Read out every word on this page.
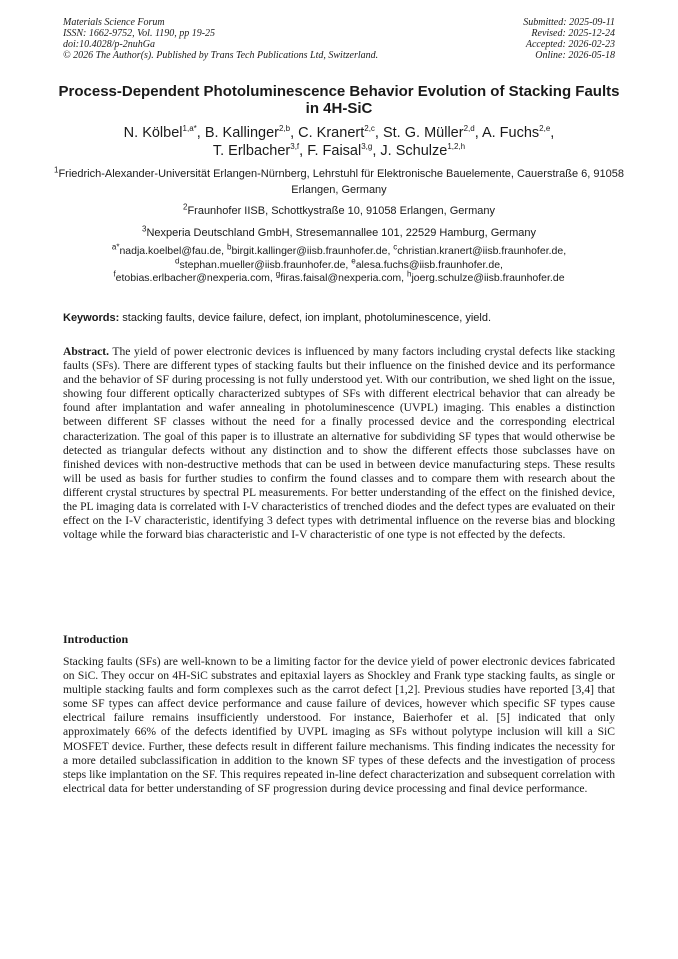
Materials Science Forum
ISSN: 1662-9752, Vol. 1190, pp 19-25
doi:10.4028/p-2nuhGa
© 2026 The Author(s). Published by Trans Tech Publications Ltd, Switzerland.
Submitted: 2025-09-11
Revised: 2025-12-24
Accepted: 2026-02-23
Online: 2026-05-18
Process-Dependent Photoluminescence Behavior Evolution of Stacking Faults in 4H-SiC
N. Kölbel$^{1,a*}$, B. Kallinger$^{2,b}$, C. Kranert$^{2,c}$, St. G. Müller$^{2,d}$, A. Fuchs$^{2,e}$,
T. Erlbacher$^{3,f}$, F. Faisal$^{3,g}$, J. Schulze$^{1,2,h}$
$^1$Friedrich-Alexander-Universität Erlangen-Nürnberg, Lehrstuhl für Elektronische Bauelemente, Cauerstraße 6, 91058 Erlangen, Germany
$^2$Fraunhofer IISB, Schottkystraße 10, 91058 Erlangen, Germany
$^3$Nexperia Deutschland GmbH, Stresemannallee 101, 22529 Hamburg, Germany
$^{a*}$nadja.koelbel@fau.de, $^b$birgit.kallinger@iisb.fraunhofer.de, $^c$christian.kranert@iisb.fraunhofer.de,
$^d$stephan.mueller@iisb.fraunhofer.de, $^e$alesa.fuchs@iisb.fraunhofer.de,
$^f$etobias.erlbacher@nexperia.com, $^g$firas.faisal@nexperia.com, $^h$joerg.schulze@iisb.fraunhofer.de
Keywords: stacking faults, device failure, defect, ion implant, photoluminescence, yield.
Abstract. The yield of power electronic devices is influenced by many factors including crystal defects like stacking faults (SFs). There are different types of stacking faults but their influence on the finished device and its performance and the behavior of SF during processing is not fully understood yet. With our contribution, we shed light on the issue, showing four different optically characterized subtypes of SFs with different electrical behavior that can already be found after implantation and wafer annealing in photoluminescence (UVPL) imaging. This enables a distinction between different SF classes without the need for a finally processed device and the corresponding electrical characterization. The goal of this paper is to illustrate an alternative for subdividing SF types that would otherwise be detected as triangular defects without any distinction and to show the different effects those subclasses have on finished devices with non-destructive methods that can be used in between device manufacturing steps. These results will be used as basis for further studies to confirm the found classes and to compare them with research about the different crystal structures by spectral PL measurements. For better understanding of the effect on the finished device, the PL imaging data is correlated with I-V characteristics of trenched diodes and the defect types are evaluated on their effect on the I-V characteristic, identifying 3 defect types with detrimental influence on the reverse bias and blocking voltage while the forward bias characteristic and I-V characteristic of one type is not effected by the defects.
Introduction
Stacking faults (SFs) are well-known to be a limiting factor for the device yield of power electronic devices fabricated on SiC. They occur on 4H-SiC substrates and epitaxial layers as Shockley and Frank type stacking faults, as single or multiple stacking faults and form complexes such as the carrot defect [1,2]. Previous studies have reported [3,4] that some SF types can affect device performance and cause failure of devices, however which specific SF types cause electrical failure remains insufficiently understood. For instance, Baierhofer et al. [5] indicated that only approximately 66% of the defects identified by UVPL imaging as SFs without polytype inclusion will kill a SiC MOSFET device. Further, these defects result in different failure mechanisms. This finding indicates the necessity for a more detailed subclassification in addition to the known SF types of these defects and the investigation of process steps like implantation on the SF. This requires repeated in-line defect characterization and subsequent correlation with electrical data for better understanding of SF progression during device processing and final device performance.
